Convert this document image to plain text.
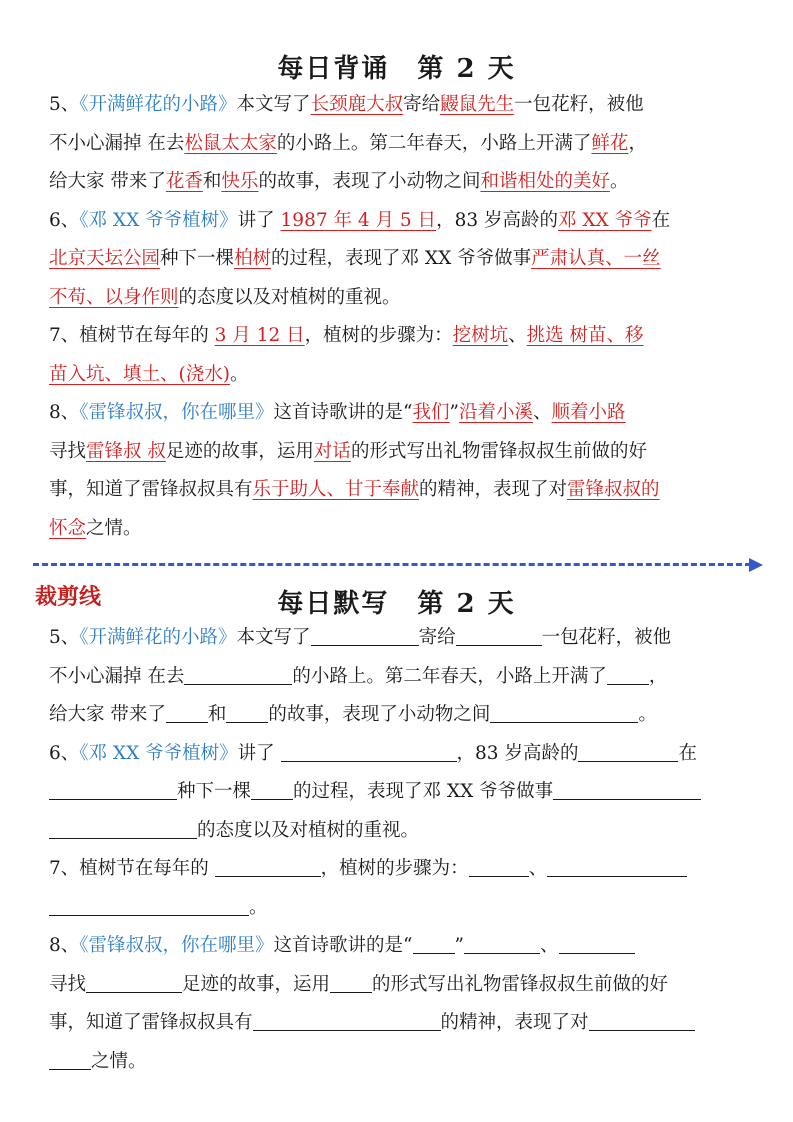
每日背诵　第 2 天
5、《开满鲜花的小路》本文写了长颈鹿大叔寄给鼹鼠先生一包花籽，被他
不小心漏掉 在去松鼠太太家的小路上。第二年春天，小路上开满了鲜花，
给大家 带来了花香和快乐的故事，表现了小动物之间和谐相处的美好。
6、《邓 XX 爷爷植树》讲了 1987 年 4 月 5 日，83 岁高龄的邓 XX 爷爷在
北京天坛公园种下一棵柏树的过程，表现了邓 XX 爷爷做事严肃认真、一丝
不苟、以身作则的态度以及对植树的重视。
7、植树节在每年的 3 月 12 日，植树的步骤为：挖树坑、挑选 树苗、移
苗入坑、填土、(浇水)。
8、《雷锋叔叔，你在哪里》这首诗歌讲的是“我们”沿着小溪、顺着小路
寻找雷锋叔 叔足迹的故事，运用对话的形式写出礼物雷锋叔叔生前做的好
事，知道了雷锋叔叔具有乐于助人、甘于奉献的精神，表现了对雷锋叔叔的
怀念之情。
裁剪线	每日默写　第 2 天
5、《开满鲜花的小路》本文写了	寄给	一包花籽，被他
不小心漏掉 在去	的小路上。第二年春天，小路上开满了 ，
给大家 带来了 和 的故事，表现了小动物之间	。
6、《邓 XX 爷爷植树》讲了	，83 岁高龄的	在
种下一棵 的过程，表现了邓 XX 爷爷做事
的态度以及对植树的重视。
7、植树节在每年的	，植树的步骤为：	、
。
8、《雷锋叔叔，你在哪里》这首诗歌讲的是“ ”	、
寻找	足迹的故事，运用 的形式写出礼物雷锋叔叔生前做的好
事，知道了雷锋叔叔具有	的精神，表现了对
之情。
